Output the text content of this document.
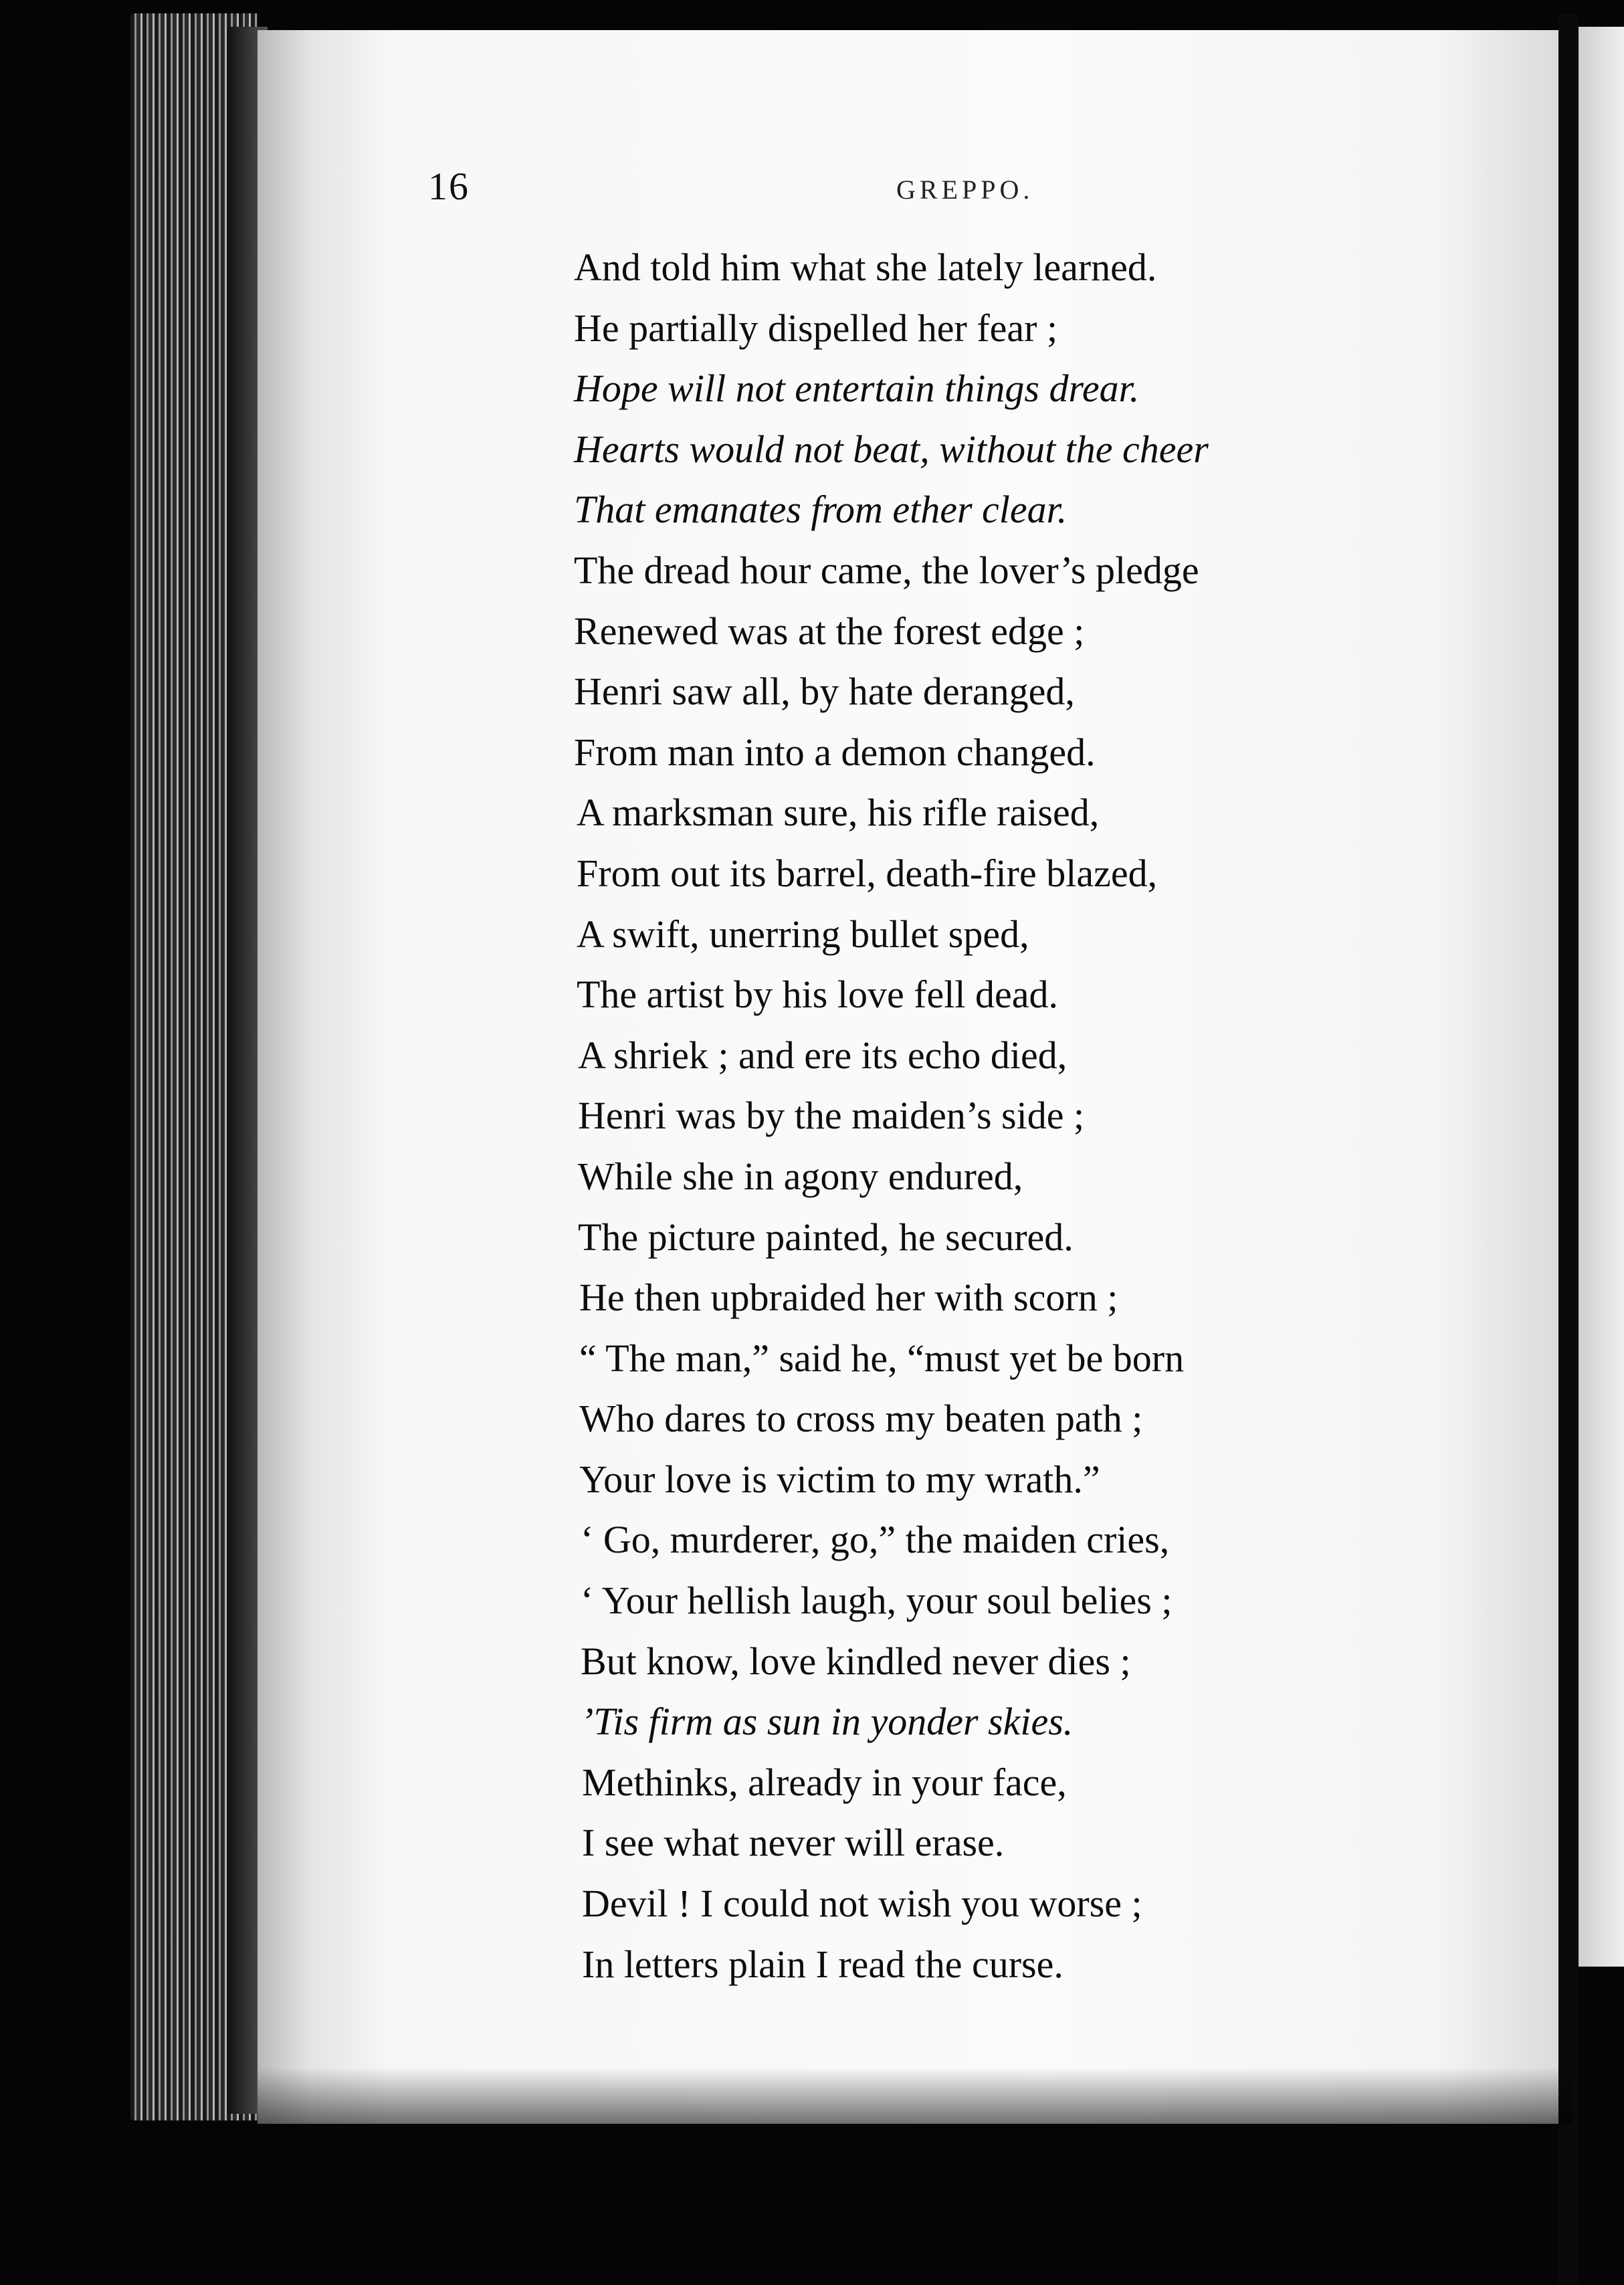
16	GREPPO.
And told him what she lately learned.
He partially dispelled her fear ;
Hope will not entertain things drear.
Hearts would not beat, without the cheer
That emanates from ether clear.
The dread hour came, the lover’s pledge
Renewed was at the forest edge ;
Henri saw all, by hate deranged,
From man into a demon changed.
A marksman sure, his rifle raised,
From out its barrel, death-fire blazed,
A swift, unerring bullet sped,
The artist by his love fell dead.
A shriek ; and ere its echo died,
Henri was by the maiden’s side ;
While she in agony endured,
The picture painted, he secured.
He then upbraided her with scorn ;
“ The man,” said he, “must yet be born
Who dares to cross my beaten path ;
Your love is victim to my wrath.”
‘ Go, murderer, go,” the maiden cries,
‘ Your hellish laugh, your soul belies ;
But know, love kindled never dies ;
’Tis firm as sun in yonder skies.
Methinks, already in your face,
I see what never will erase.
Devil ! I could not wish you worse ;
In letters plain I read the curse.
